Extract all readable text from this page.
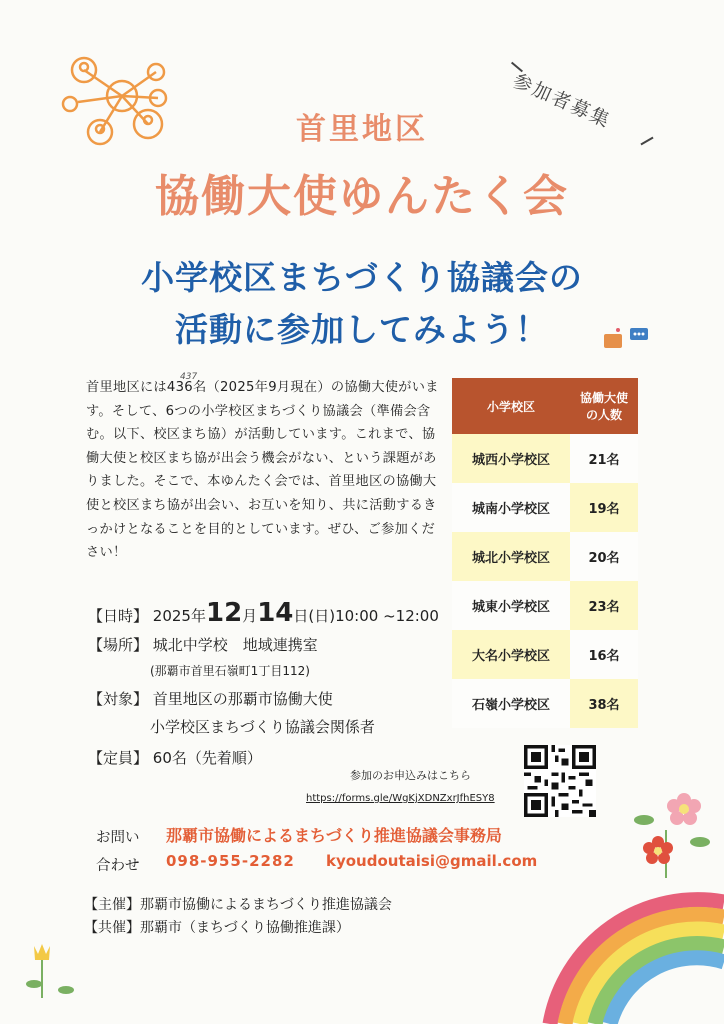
参加者募集
首里地区
協働大使ゆんたく会
小学校区まちづくり協議会の
活動に参加してみよう！
437
首里地区には436名（2025年9月現在）の協働大使がいます。そして、6つの小学校区まちづくり協議会（準備会含む。以下、校区まち協）が活動しています。これまで、協働大使と校区まち協が出会う機会がない、という課題がありました。そこで、本ゆんたく会では、首里地区の協働大使と校区まち協が出会い、お互いを知り、共に活動するきっかけとなることを目的としています。ぜひ、ご参加ください！
小学校区	協働大使
の人数
城西小学校区	21名
城南小学校区	19名
城北小学校区	20名
城東小学校区	23名
大名小学校区	16名
石嶺小学校区	38名
【日時】 2025年12月14日(日)10:00 ~12:00
【場所】 城北中学校　地域連携室
(那覇市首里石嶺町1丁目112)
【対象】 首里地区の那覇市協働大使
小学校区まちづくり協議会関係者
【定員】 60名（先着順）
参加のお申込みはこちら
https://forms.gle/WgKjXDNZxrJfhESY8
お問い
合わせ
那覇市協働によるまちづくり推進協議会事務局
098-955-2282 kyoudoutaisi@gmail.com
【主催】那覇市協働によるまちづくり推進協議会
【共催】那覇市（まちづくり協働推進課）
